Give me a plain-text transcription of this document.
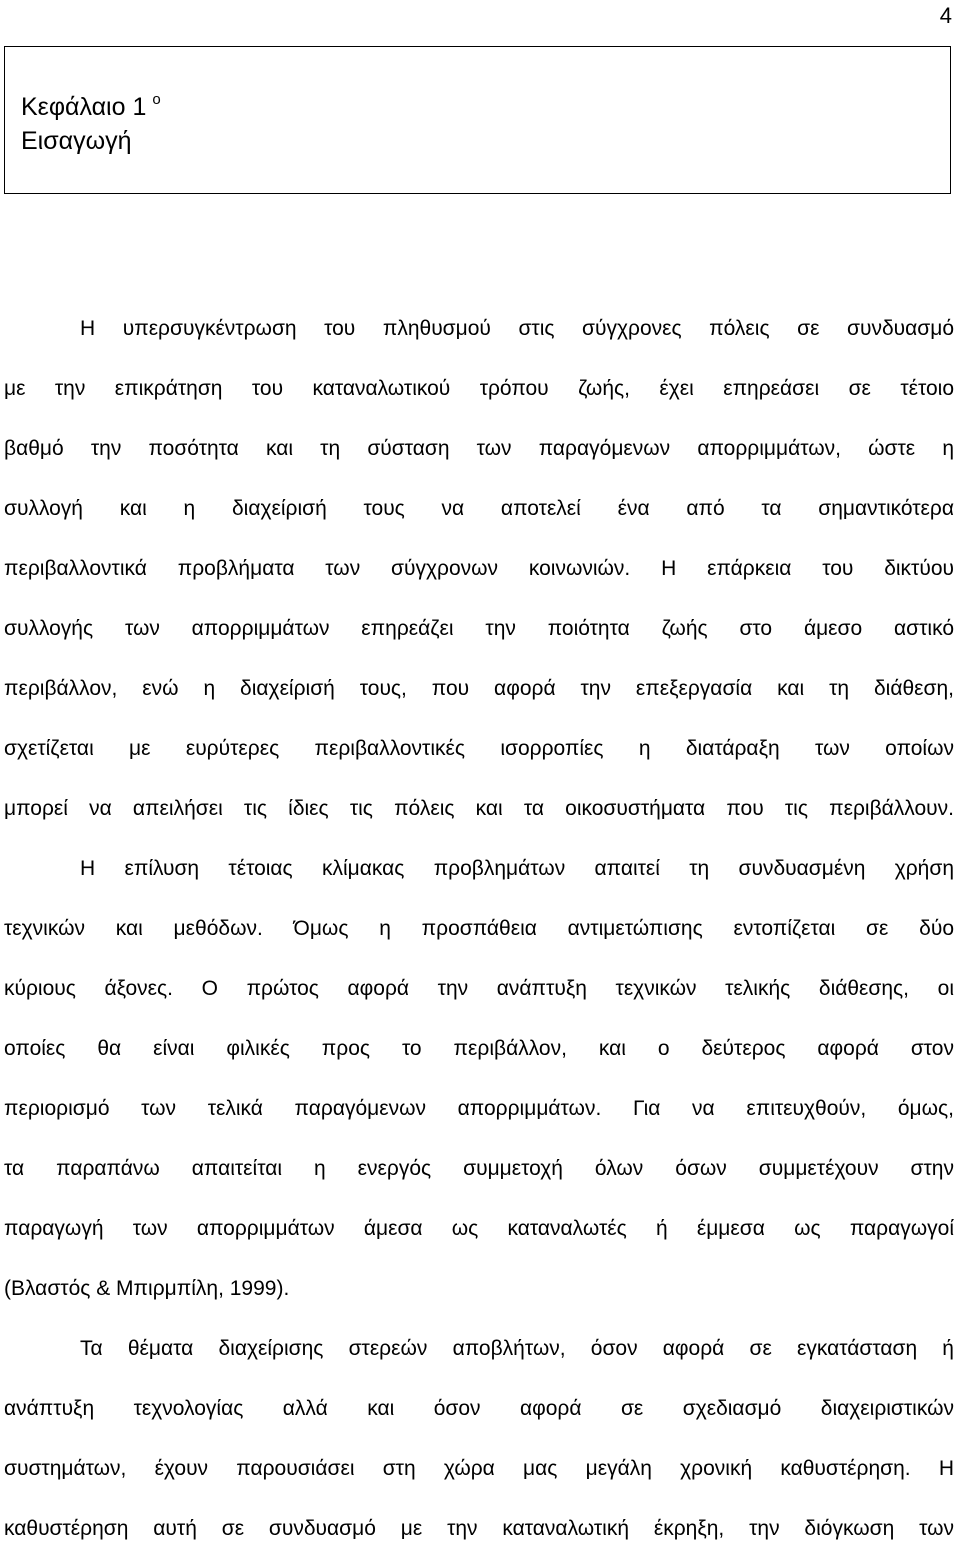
4
Κεφάλαιο 1 $^o$
Εισαγωγή
Η υπερσυγκέντρωση του πληθυσμού στις σύγχρονες πόλεις σε συνδυασμό
με την επικράτηση του καταναλωτικού τρόπου ζωής, έχει επηρεάσει σε τέτοιο
βαθμό την ποσότητα και τη σύσταση των παραγόμενων απορριμμάτων, ώστε η
συλλογή και η διαχείρισή τους να αποτελεί ένα από τα σημαντικότερα
περιβαλλοντικά προβλήματα των σύγχρονων κοινωνιών. Η επάρκεια του δικτύου
συλλογής των απορριμμάτων επηρεάζει την ποιότητα ζωής στο άμεσο αστικό
περιβάλλον, ενώ η διαχείρισή τους, που αφορά την επεξεργασία και τη διάθεση,
σχετίζεται με ευρύτερες περιβαλλοντικές ισορροπίες η διατάραξη των οποίων
μπορεί να απειλήσει τις ίδιες τις πόλεις και τα οικοσυστήματα που τις περιβάλλουν.
Η επίλυση τέτοιας κλίμακας προβλημάτων απαιτεί τη συνδυασμένη χρήση
τεχνικών και μεθόδων. Όμως η προσπάθεια αντιμετώπισης εντοπίζεται σε δύο
κύριους άξονες. Ο πρώτος αφορά την ανάπτυξη τεχνικών τελικής διάθεσης, οι
οποίες θα είναι φιλικές προς το περιβάλλον, και ο δεύτερος αφορά στον
περιορισμό των τελικά παραγόμενων απορριμμάτων. Για να επιτευχθούν, όμως,
τα παραπάνω απαιτείται η ενεργός συμμετοχή όλων όσων συμμετέχουν στην
παραγωγή των απορριμμάτων άμεσα ως καταναλωτές ή έμμεσα ως παραγωγοί
(Βλαστός & Μπιρμπίλη, 1999).
Τα θέματα διαχείρισης στερεών αποβλήτων, όσον αφορά σε εγκατάσταση ή
ανάπτυξη τεχνολογίας αλλά και όσον αφορά σε σχεδιασμό διαχειριστικών
συστημάτων, έχουν παρουσιάσει στη χώρα μας μεγάλη χρονική καθυστέρηση. Η
καθυστέρηση αυτή σε συνδυασμό με την καταναλωτική έκρηξη, την διόγκωση των
